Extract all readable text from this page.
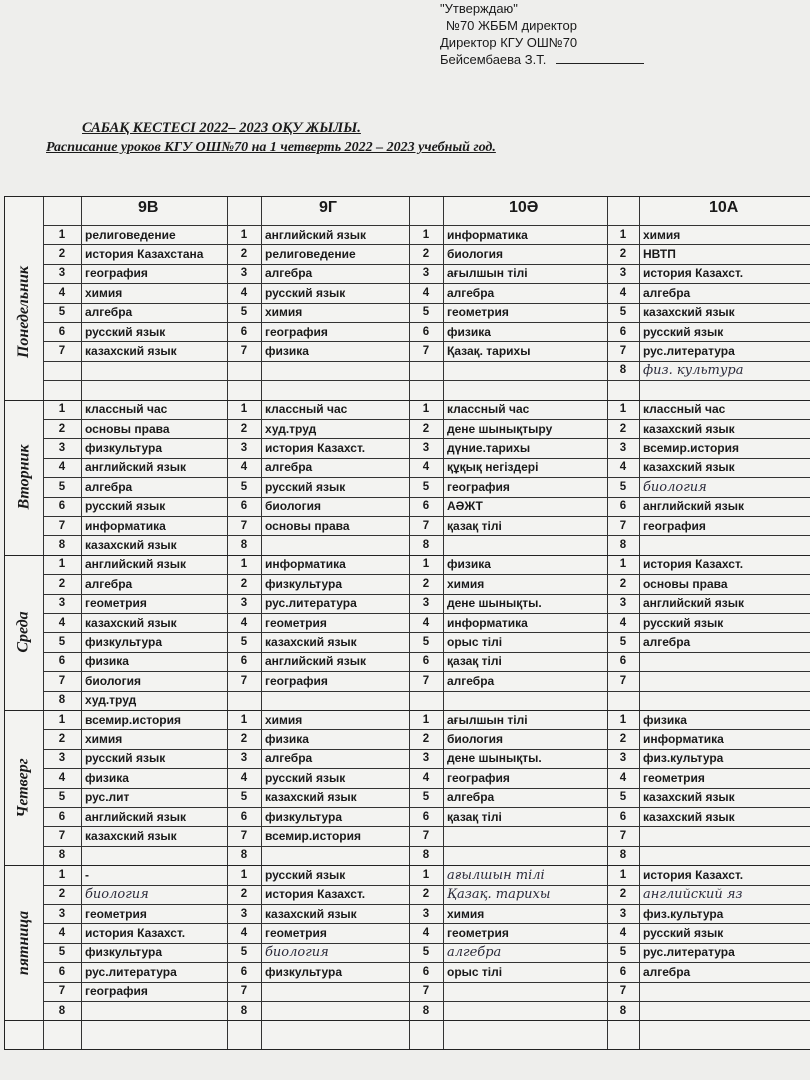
"Утверждаю"
№70 ЖББМ директор
Директор КГУ ОШ№70
Бейсембаева З.Т.
САБАҚ КЕСТЕСІ 2022– 2023 ОҚУ ЖЫЛЫ.
Расписание уроков КГУ ОШ№70 на 1 четверть 2022 – 2023 учебный год.
9В	9Г	10Ә	10А
1	религоведение	1	английский язык	1	информатика	1	химия
2	история Казахстана	2	религоведение	2	биология	2	НВТП
3	география	3	алгебра	3	ағылшын тілі	3	история Казахст.
4	химия	4	русский язык	4	алгебра	4	алгебра
5	алгебра	5	химия	5	геометрия	5	казахский язык
6	русский язык	6	география	6	физика	6	русский язык
7	казахский язык	7	физика	7	Қазақ. тарихы	7	рус.литература
8	физ. культура
Понедельник
1	классный час	1	классный час	1	классный час	1	классный час
2	основы права	2	худ.труд	2	дене шынықтыру	2	казахский язык
3	физкультура	3	история Казахст.	3	дүние.тарихы	3	всемир.история
4	английский язык	4	алгебра	4	құқық негіздері	4	казахский язык
5	алгебра	5	русский язык	5	география	5	биология
6	русский язык	6	биология	6	АӘЖТ	6	английский язык
7	информатика	7	основы права	7	қазақ тілі	7	география
8	казахский язык	8	8	8
Вторник
1	английский язык	1	информатика	1	физика	1	история Казахст.
2	алгебра	2	физкультура	2	химия	2	основы права
3	геометрия	3	рус.литература	3	дене шынықты.	3	английский язык
4	казахский язык	4	геометрия	4	информатика	4	русский язык
5	физкультура	5	казахский язык	5	орыс тілі	5	алгебра
6	физика	6	английский язык	6	қазақ тілі	6
7	биология	7	география	7	алгебра	7
8	худ.труд
Среда
1	всемир.история	1	химия	1	ағылшын тілі	1	физика
2	химия	2	физика	2	биология	2	информатика
3	русский язык	3	алгебра	3	дене шынықты.	3	физ.культура
4	физика	4	русский язык	4	география	4	геометрия
5	рус.лит	5	казахский язык	5	алгебра	5	казахский язык
6	английский язык	6	физкультура	6	қазақ тілі	6	казахский язык
7	казахский язык	7	всемир.история	7	7
8	8	8	8
Четверг
1	-	1	русский язык	1	ағылшын тілі	1	история Казахст.
2	биология	2	история Казахст.	2	Қазақ. тарихы	2	английский яз
3	геометрия	3	казахский язык	3	химия	3	физ.культура
4	история Казахст.	4	геометрия	4	геометрия	4	русский язык
5	физкультура	5	биология	5	алгебра	5	рус.литература
6	рус.литература	6	физкультура	6	орыс тілі	6	алгебра
7	география	7	7	7
8	8	8	8
пятница
